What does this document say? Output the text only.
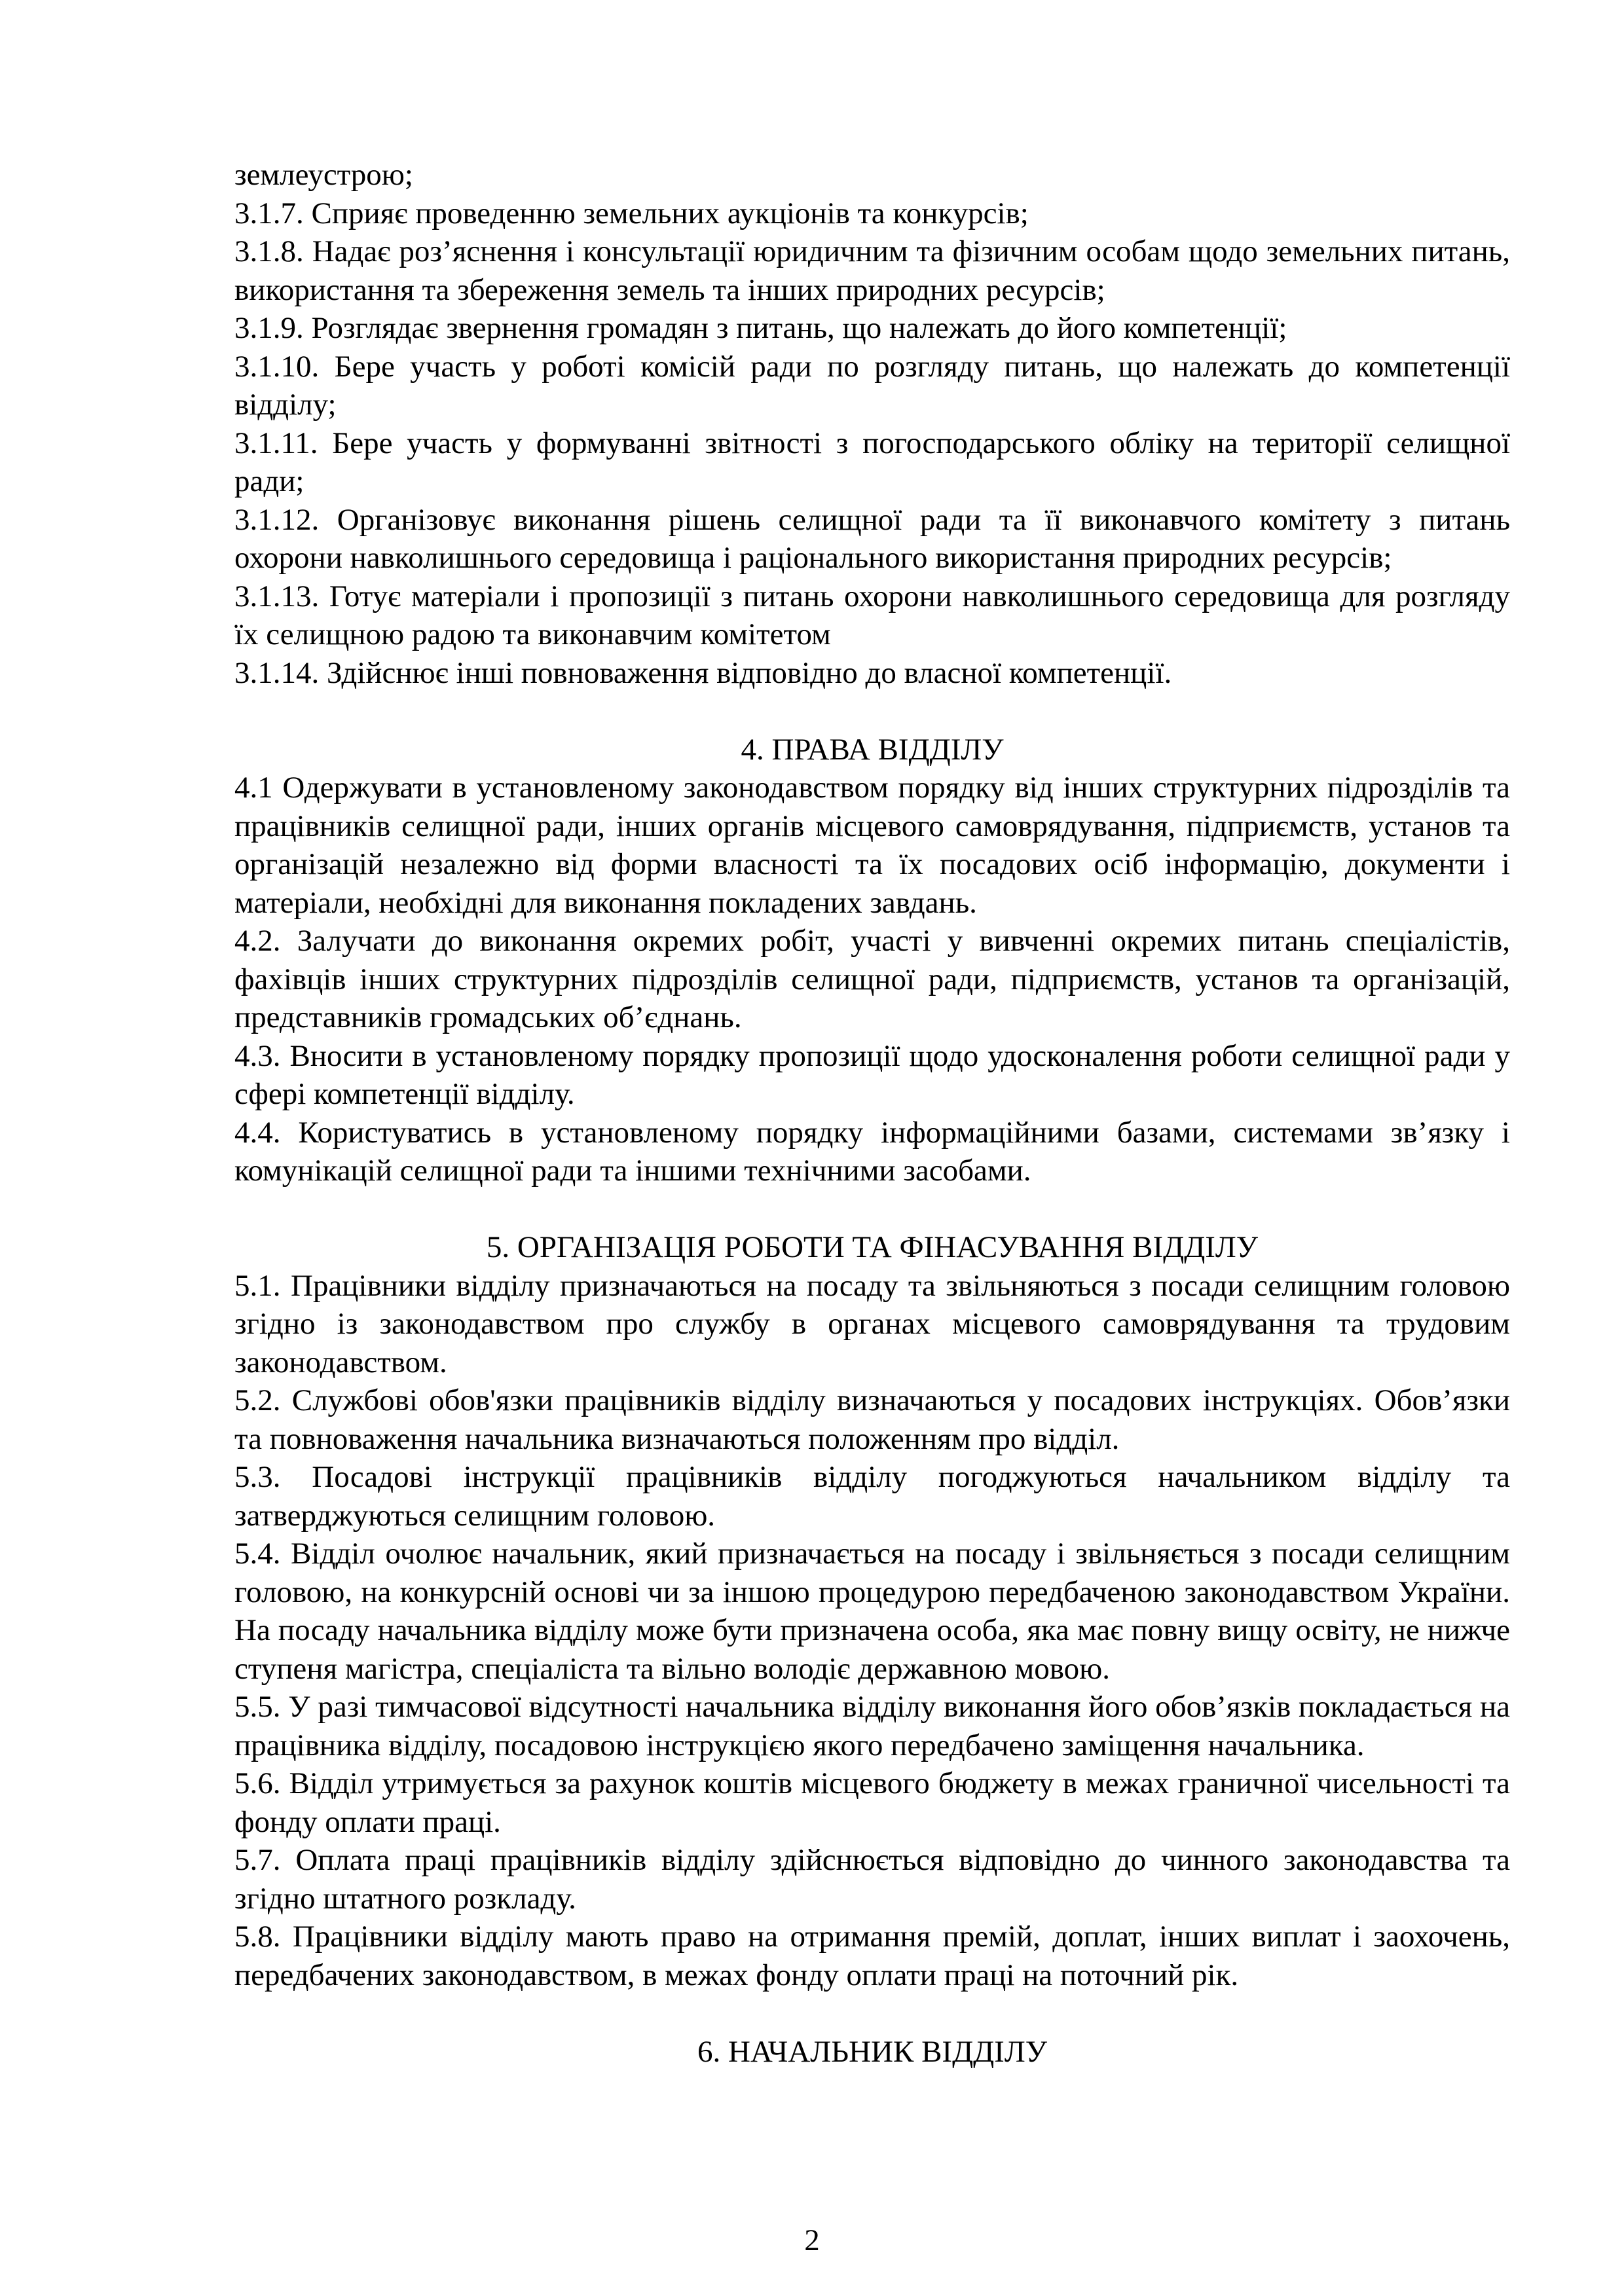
землеустрою;

3.1.7. Сприяє проведенню земельних аукціонів та конкурсів;

3.1.8. Надає роз’яснення і консультації юридичним та фізичним особам щодо земельних питань, використання та збереження земель та інших природних ресурсів;

3.1.9. Розглядає звернення громадян з питань, що належать до його компетенції;

3.1.10. Бере участь у роботі комісій ради по розгляду питань, що належать до компетенції відділу;

3.1.11. Бере участь у формуванні звітності з погосподарського обліку на території селищної ради;

3.1.12. Організовує виконання рішень селищної ради та її виконавчого комітету з питань охорони навколишнього середовища і раціонального використання природних ресурсів;

3.1.13. Готує матеріали і пропозиції з питань охорони навколишнього середовища для розгляду їх селищною радою та виконавчим комітетом

3.1.14. Здійснює інші повноваження відповідно до власної компетенції.

4. ПРАВА ВІДДІЛУ

4.1 Одержувати в установленому законодавством порядку від інших структурних підрозділів та працівників селищної ради, інших органів місцевого самоврядування, підприємств, установ та організацій незалежно від форми власності та їх посадових осіб інформацію, документи і матеріали, необхідні для виконання покладених завдань.

4.2. Залучати до виконання окремих робіт, участі у вивченні окремих питань спеціалістів, фахівців інших структурних підрозділів селищної ради, підприємств, установ та організацій, представників громадських об’єднань.

4.3. Вносити в установленому порядку пропозиції щодо удосконалення роботи селищної ради у сфері компетенції відділу.

4.4. Користуватись в установленому порядку інформаційними базами, системами зв’язку і комунікацій селищної ради та іншими технічними засобами.

5. ОРГАНІЗАЦІЯ РОБОТИ ТА ФІНАСУВАННЯ ВІДДІЛУ

5.1. Працівники відділу призначаються на посаду та звільняються з посади селищним головою згідно із законодавством про службу в органах місцевого самоврядування та трудовим законодавством.

5.2. Службові обов'язки працівників відділу визначаються у посадових інструкціях. Обов’язки та повноваження начальника визначаються положенням про відділ.

5.3. Посадові інструкції працівників відділу погоджуються начальником відділу та затверджуються селищним головою.

5.4. Відділ очолює начальник, який призначається на посаду і звільняється з посади селищним головою, на конкурсній основі чи за іншою процедурою передбаченою законодавством України. На посаду начальника відділу може бути призначена особа, яка має повну вищу освіту, не нижче ступеня магістра, спеціаліста та вільно володіє державною мовою.

5.5. У разі тимчасової відсутності начальника відділу виконання його обов’язків покладається на працівника відділу, посадовою інструкцією якого передбачено заміщення начальника.

5.6. Відділ утримується за рахунок коштів місцевого бюджету в межах граничної чисельності та фонду оплати праці.

5.7. Оплата праці працівників відділу здійснюється відповідно до чинного законодавства та згідно штатного розкладу.

5.8. Працівники відділу мають право на отримання премій, доплат, інших виплат і заохочень, передбачених законодавством, в межах фонду оплати праці на поточний рік.

6. НАЧАЛЬНИК ВІДДІЛУ

2
